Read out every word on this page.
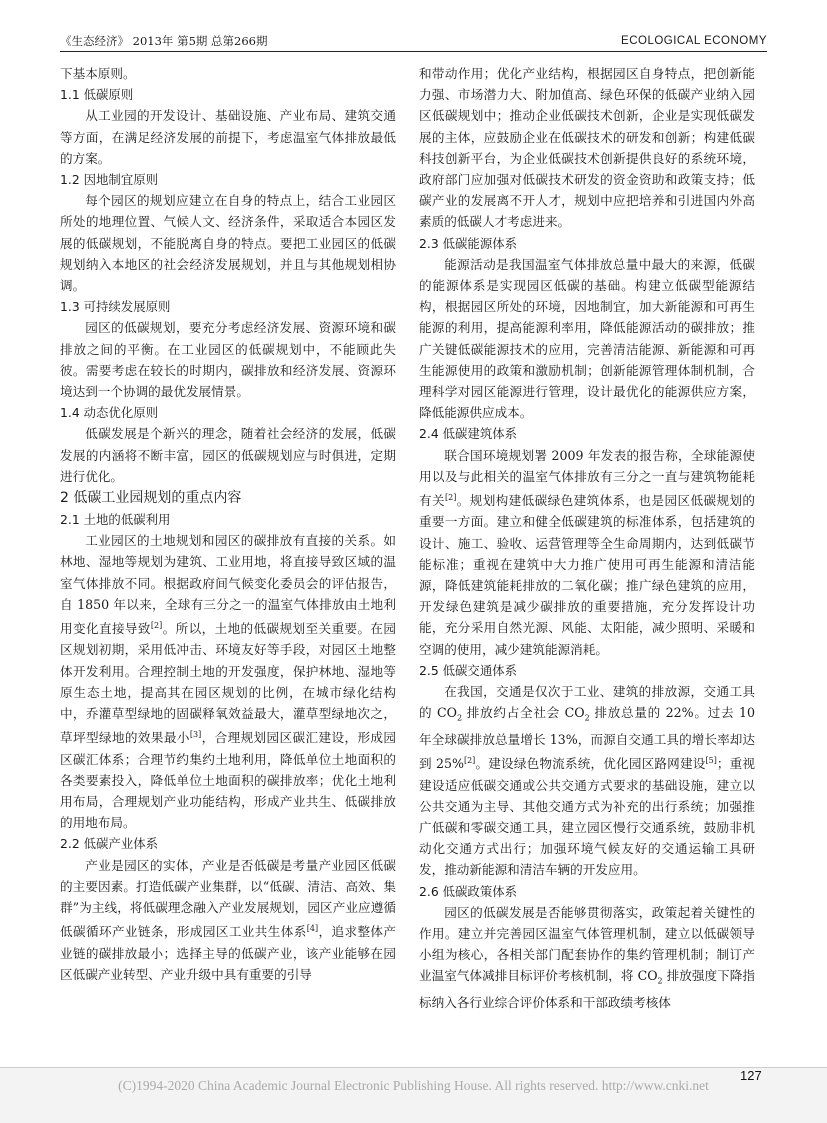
《生态经济》 2013年 第5期 总第266期	ECOLOGICAL ECONOMY

下基本原则。

1.1 低碳原则

从工业园的开发设计、基础设施、产业布局、建筑交通等方面，在满足经济发展的前提下，考虑温室气体排放最低的方案。

1.2 因地制宜原则

每个园区的规划应建立在自身的特点上，结合工业园区所处的地理位置、气候人文、经济条件，采取适合本园区发展的低碳规划，不能脱离自身的特点。要把工业园区的低碳规划纳入本地区的社会经济发展规划，并且与其他规划相协调。

1.3 可持续发展原则

园区的低碳规划，要充分考虑经济发展、资源环境和碳排放之间的平衡。在工业园区的低碳规划中，不能顾此失彼。需要考虑在较长的时期内，碳排放和经济发展、资源环境达到一个协调的最优发展情景。

1.4 动态优化原则

低碳发展是个新兴的理念，随着社会经济的发展，低碳发展的内涵将不断丰富，园区的低碳规划应与时俱进，定期进行优化。

2 低碳工业园规划的重点内容

2.1 土地的低碳利用

工业园区的土地规划和园区的碳排放有直接的关系。如林地、湿地等规划为建筑、工业用地，将直接导致区域的温室气体排放不同。根据政府间气候变化委员会的评估报告，自 1850 年以来，全球有三分之一的温室气体排放由土地利用变化直接导致[2]。所以，土地的低碳规划至关重要。在园区规划初期，采用低冲击、环境友好等手段，对园区土地整体开发利用。合理控制土地的开发强度，保护林地、湿地等原生态土地，提高其在园区规划的比例，在城市绿化结构中，乔灌草型绿地的固碳释氧效益最大，灌草型绿地次之，草坪型绿地的效果最小[3]，合理规划园区碳汇建设，形成园区碳汇体系；合理节约集约土地利用，降低单位土地面积的各类要素投入，降低单位土地面积的碳排放率；优化土地利用布局，合理规划产业功能结构，形成产业共生、低碳排放的用地布局。

2.2 低碳产业体系

产业是园区的实体，产业是否低碳是考量产业园区低碳的主要因素。打造低碳产业集群，以“低碳、清洁、高效、集群”为主线，将低碳理念融入产业发展规划，园区产业应遵循低碳循环产业链条，形成园区工业共生体系[4]，追求整体产业链的碳排放最小；选择主导的低碳产业，该产业能够在园区低碳产业转型、产业升级中具有重要的引导

和带动作用；优化产业结构，根据园区自身特点，把创新能力强、市场潜力大、附加值高、绿色环保的低碳产业纳入园区低碳规划中；推动企业低碳技术创新，企业是实现低碳发展的主体，应鼓励企业在低碳技术的研发和创新；构建低碳科技创新平台，为企业低碳技术创新提供良好的系统环境，政府部门应加强对低碳技术研发的资金资助和政策支持；低碳产业的发展离不开人才，规划中应把培养和引进国内外高素质的低碳人才考虑进来。

2.3 低碳能源体系

能源活动是我国温室气体排放总量中最大的来源，低碳的能源体系是实现园区低碳的基础。构建立低碳型能源结构，根据园区所处的环境，因地制宜，加大新能源和可再生能源的利用，提高能源利率用，降低能源活动的碳排放；推广关键低碳能源技术的应用，完善清洁能源、新能源和可再生能源使用的政策和激励机制；创新能源管理体制机制，合理科学对园区能源进行管理，设计最优化的能源供应方案，降低能源供应成本。

2.4 低碳建筑体系

联合国环境规划署 2009 年发表的报告称，全球能源使用以及与此相关的温室气体排放有三分之一直与建筑物能耗有关[2]。规划构建低碳绿色建筑体系，也是园区低碳规划的重要一方面。建立和健全低碳建筑的标准体系，包括建筑的设计、施工、验收、运营管理等全生命周期内，达到低碳节能标准；重视在建筑中大力推广使用可再生能源和清洁能源，降低建筑能耗排放的二氧化碳；推广绿色建筑的应用，开发绿色建筑是减少碳排放的重要措施，充分发挥设计功能，充分采用自然光源、风能、太阳能，减少照明、采暖和空调的使用，减少建筑能源消耗。

2.5 低碳交通体系

在我国，交通是仅次于工业、建筑的排放源，交通工具的 $CO_2$ 排放约占全社会 $CO_2$ 排放总量的 22%。过去 10 年全球碳排放总量增长 13%，而源自交通工具的增长率却达到 25%[2]。建设绿色物流系统，优化园区路网建设[5]；重视建设适应低碳交通或公共交通方式要求的基础设施，建立以公共交通为主导、其他交通方式为补充的出行系统；加强推广低碳和零碳交通工具，建立园区慢行交通系统，鼓励非机动化交通方式出行；加强环境气候友好的交通运输工具研发，推动新能源和清洁车辆的开发应用。

2.6 低碳政策体系

园区的低碳发展是否能够贯彻落实，政策起着关键性的作用。建立并完善园区温室气体管理机制，建立以低碳领导小组为核心，各相关部门配套协作的集约管理机制；制订产业温室气体减排目标评价考核机制，将 $CO_2$ 排放强度下降指标纳入各行业综合评价体系和干部政绩考核体

127
(C)1994-2020 China Academic Journal Electronic Publishing House. All rights reserved. http://www.cnki.net
